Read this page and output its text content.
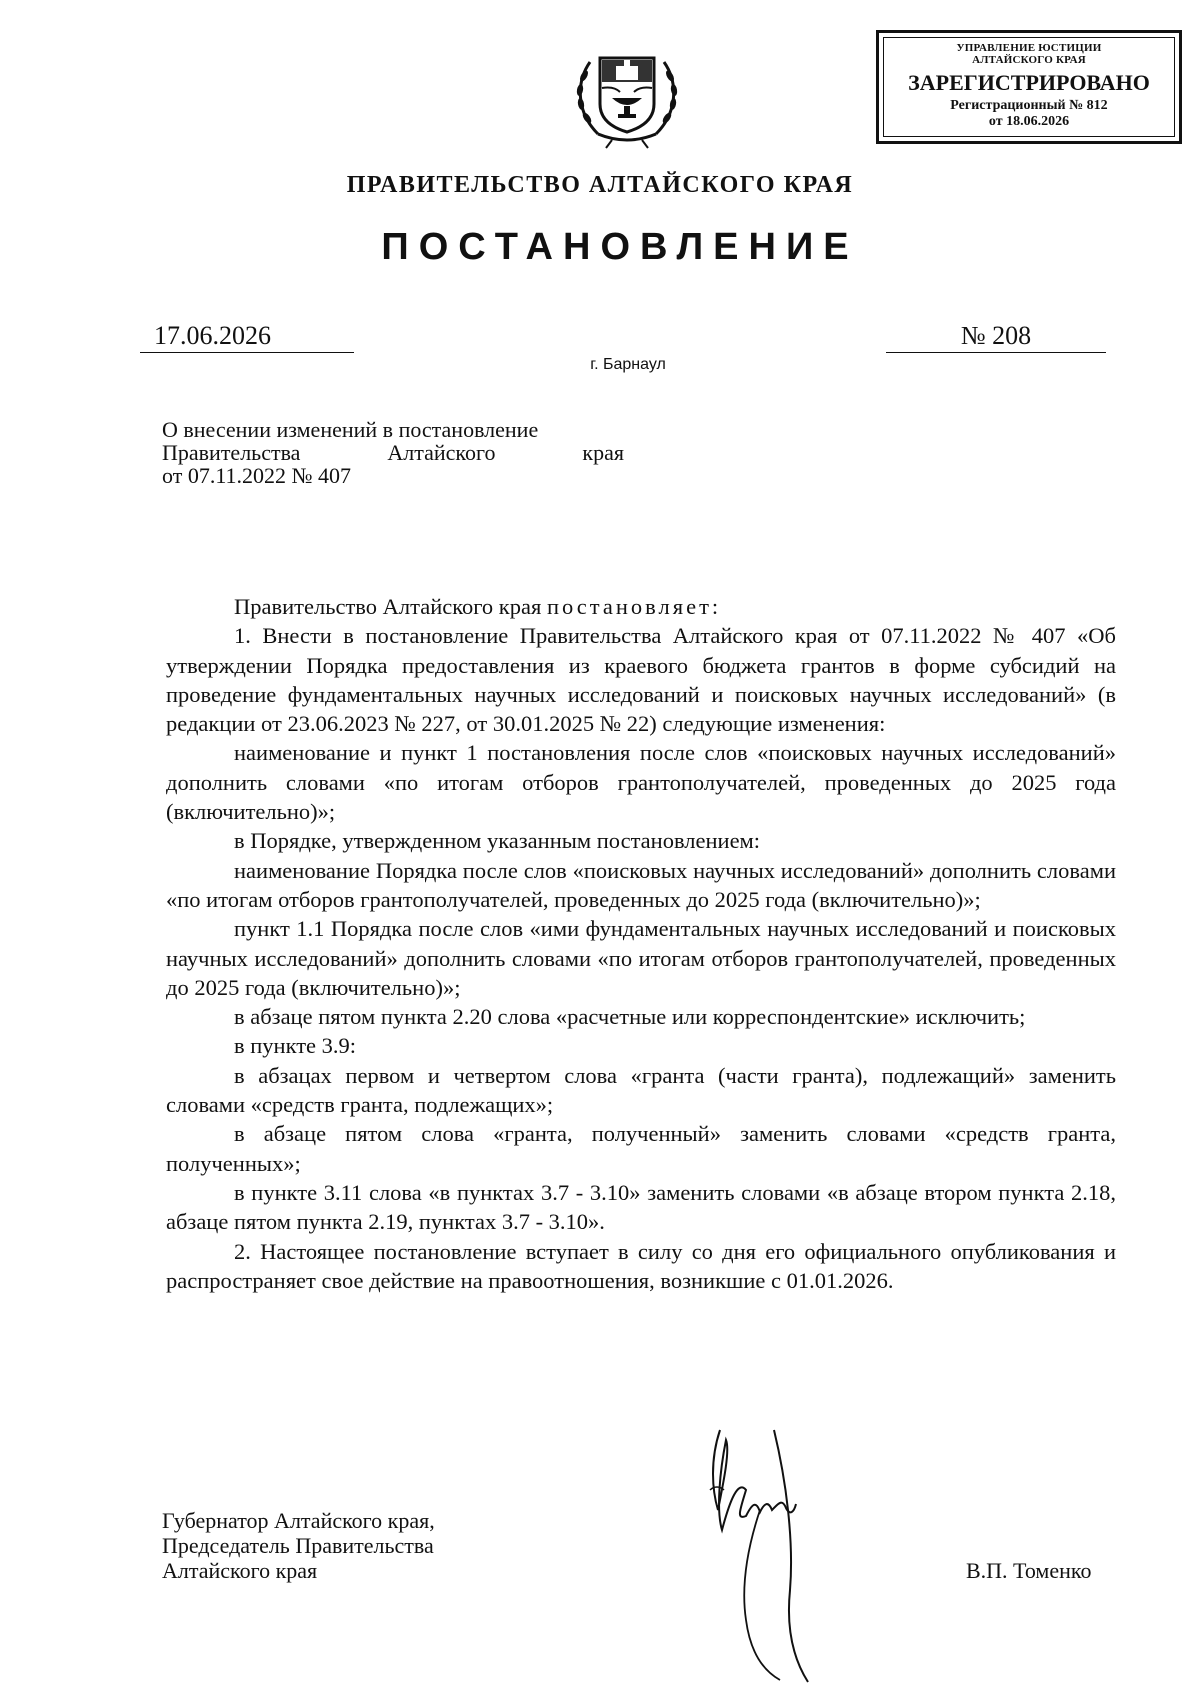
УПРАВЛЕНИЕ ЮСТИЦИИ
АЛТАЙСКОГО КРАЯ
ЗАРЕГИСТРИРОВАНО
Регистрационный № 812
от 18.06.2026
ПРАВИТЕЛЬСТВО АЛТАЙСКОГО КРАЯ
ПОСТАНОВЛЕНИЕ
17.06.2026	№ 208
г. Барнаул
О внесении изменений в постановление
Правительства Алтайского края
от 07.11.2022 № 407

Правительство Алтайского края постановляет:

1. Внести в постановление Правительства Алтайского края от 07.11.2022 № 407 «Об утверждении Порядка предоставления из краевого бюджета грантов в форме субсидий на проведение фундаментальных научных исследований и поисковых научных исследований» (в редакции от 23.06.2023 № 227, от 30.01.2025 № 22) следующие изменения:

наименование и пункт 1 постановления после слов «поисковых научных исследований» дополнить словами «по итогам отборов грантополучателей, проведенных до 2025 года (включительно)»;

в Порядке, утвержденном указанным постановлением:

наименование Порядка после слов «поисковых научных исследований» дополнить словами «по итогам отборов грантополучателей, проведенных до 2025 года (включительно)»;

пункт 1.1 Порядка после слов «ими фундаментальных научных исследований и поисковых научных исследований» дополнить словами «по итогам отборов грантополучателей, проведенных до 2025 года (включительно)»;

в абзаце пятом пункта 2.20 слова «расчетные или корреспондентские» исключить;

в пункте 3.9:

в абзацах первом и четвертом слова «гранта (части гранта), подлежащий» заменить словами «средств гранта, подлежащих»;

в абзаце пятом слова «гранта, полученный» заменить словами «средств гранта, полученных»;

в пункте 3.11 слова «в пунктах 3.7 - 3.10» заменить словами «в абзаце втором пункта 2.18, абзаце пятом пункта 2.19, пунктах 3.7 - 3.10».

2. Настоящее постановление вступает в силу со дня его официального опубликования и распространяет свое действие на правоотношения, возникшие с 01.01.2026.

Губернатор Алтайского края,
Председатель Правительства
Алтайского края	В.П. Томенко
